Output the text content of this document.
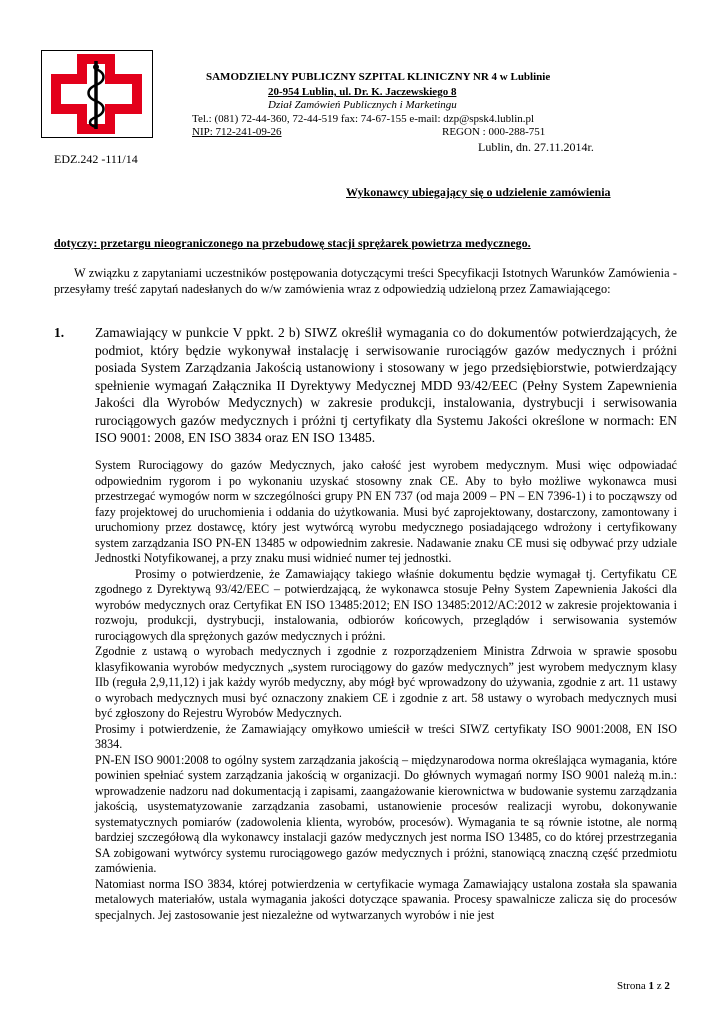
SAMODZIELNY PUBLICZNY SZPITAL KLINICZNY NR 4 w Lublinie
20-954 Lublin, ul. Dr. K. Jaczewskiego 8
Dział Zamówień Publicznych i Marketingu
Tel.: (081) 72-44-360, 72-44-519 fax: 74-67-155 e-mail: dzp@spsk4.lublin.pl
NIP: 712-241-09-26	REGON : 000-288-751
Lublin, dn. 27.11.2014r.
EDZ.242 -111/14
Wykonawcy ubiegający się o udzielenie zamówienia
dotyczy: przetargu nieograniczonego na przebudowę stacji sprężarek powietrza medycznego.
W związku z zapytaniami uczestników postępowania dotyczącymi treści Specyfikacji Istotnych Warunków Zamówienia - przesyłamy treść zapytań nadesłanych do w/w zamówienia wraz z odpowiedzią udzieloną przez Zamawiającego:
1. Zamawiający w punkcie V ppkt. 2 b) SIWZ określił wymagania co do dokumentów potwierdzających, że podmiot, który będzie wykonywał instalację i serwisowanie rurociągów gazów medycznych i próżni posiada System Zarządzania Jakością ustanowiony i stosowany w jego przedsiębiorstwie, potwierdzający spełnienie wymagań Załącznika II Dyrektywy Medycznej MDD 93/42/EEC (Pełny System Zapewnienia Jakości dla Wyrobów Medycznych) w zakresie produkcji, instalowania, dystrybucji i serwisowania rurociągowych gazów medycznych i próżni tj certyfikaty dla Systemu Jakości określone w normach: EN ISO 9001: 2008, EN ISO 3834 oraz EN ISO 13485.

System Rurociągowy do gazów Medycznych, jako całość jest wyrobem medycznym. Musi więc odpowiadać odpowiednim rygorom i po wykonaniu uzyskać stosowny znak CE. Aby to było możliwe wykonawca musi przestrzegać wymogów norm w szczególności grupy PN EN 737 (od maja 2009 – PN – EN 7396-1) i to począwszy od fazy projektowej do uruchomienia i oddania do użytkowania. Musi być zaprojektowany, dostarczony, zamontowany i uruchomiony przez dostawcę, który jest wytwórcą wyrobu medycznego posiadającego wdrożony i certyfikowany system zarządzania ISO PN-EN 13485 w odpowiednim zakresie. Nadawanie znaku CE musi się odbywać przy udziale Jednostki Notyfikowanej, a przy znaku musi widnieć numer tej jednostki.

Prosimy o potwierdzenie, że Zamawiający takiego właśnie dokumentu będzie wymagał tj. Certyfikatu CE zgodnego z Dyrektywą 93/42/EEC – potwierdzającą, że wykonawca stosuje Pełny System Zapewnienia Jakości dla wyrobów medycznych oraz Certyfikat EN ISO 13485:2012; EN ISO 13485:2012/AC:2012 w zakresie projektowania i rozwoju, produkcji, dystrybucji, instalowania, odbiorów końcowych, przeglądów i serwisowania systemów rurociągowych dla sprężonych gazów medycznych i próżni.

Zgodnie z ustawą o wyrobach medycznych i zgodnie z rozporządzeniem Ministra Zdrwoia w sprawie sposobu klasyfikowania wyrobów medycznych „system rurociągowy do gazów medycznych” jest wyrobem medycznym klasy IIb (reguła 2,9,11,12) i jak każdy wyrób medyczny, aby mógł być wprowadzony do używania, zgodnie z art. 11 ustawy o wyrobach medycznych musi być oznaczony znakiem CE i zgodnie z art. 58 ustawy o wyrobach medycznych musi być zgłoszony do Rejestru Wyrobów Medycznych.

Prosimy i potwierdzenie, że Zamawiający omyłkowo umieścił w treści SIWZ certyfikaty ISO 9001:2008, EN ISO 3834.

PN-EN ISO 9001:2008 to ogólny system zarządzania jakością – międzynarodowa norma określająca wymagania, które powinien spełniać system zarządzania jakością w organizacji. Do głównych wymagań normy ISO 9001 należą m.in.: wprowadzenie nadzoru nad dokumentacją i zapisami, zaangażowanie kierownictwa w budowanie systemu zarządzania jakością, usystematyzowanie zarządzania zasobami, ustanowienie procesów realizacji wyrobu, dokonywanie systematycznych pomiarów (zadowolenia klienta, wyrobów, procesów). Wymagania te są równie istotne, ale normą bardziej szczegółową dla wykonawcy instalacji gazów medycznych jest norma ISO 13485, co do której przestrzegania SA zobigowani wytwórcy systemu rurociągowego gazów medycznych i próżni, stanowiącą znaczną część przedmiotu zamówienia.

Natomiast norma ISO 3834, której potwierdzenia w certyfikacie wymaga Zamawiający ustalona została sla spawania metalowych materiałów, ustala wymagania jakości dotyczące spawania. Procesy spawalnicze zalicza się do procesów specjalnych. Jej zastosowanie jest niezależne od wytwarzanych wyrobów i nie jest

Strona 1 z 2
